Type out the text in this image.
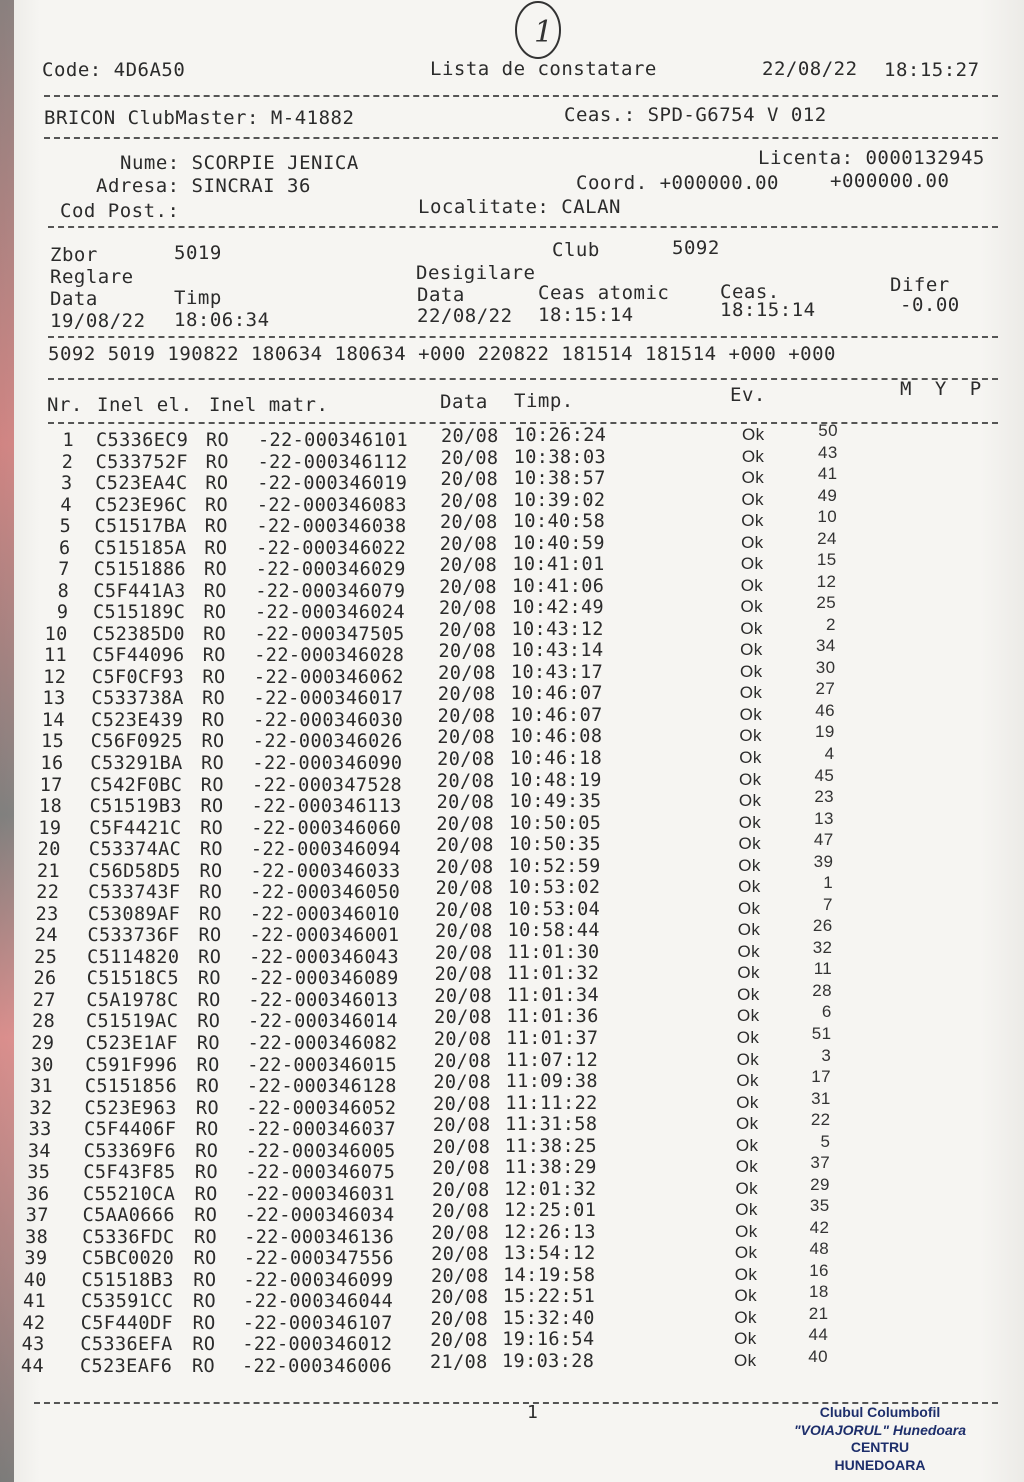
1
Code: 4D6A50	Lista de constatare	22/08/22 18:15:27
BRICON ClubMaster: M-41882	Ceas.: SPD-G6754 V 012
Nume: SCORPIE JENICA	Licenta: 0000132945
Adresa: SINCRAI 36	Coord. +000000.00	+000000.00
Cod Post.:	Localitate: CALAN
Zbor	5019	Club	5092
Reglare	Desigilare
Data	Timp	Data	Ceas atomic	Ceas.	Difer
19/08/22 18:06:34	22/08/22 18:15:14	18:15:14	-0.00
5092 5019 190822 180634 180634 +000 220822 181514 181514 +000 +000
Nr. Inel el. Inel matr.	Data Timp.	Ev.	M Y P
1 C5336EC9 RO -22-000346101 20/08 10:26:24	Ok	50
2 C533752F RO -22-000346112 20/08 10:38:03	Ok	43
3 C523EA4C RO -22-000346019 20/08 10:38:57	Ok	41
4 C523E96C RO -22-000346083 20/08 10:39:02	Ok	49
5 C51517BA RO -22-000346038 20/08 10:40:58	Ok	10
6 C515185A RO -22-000346022 20/08 10:40:59	Ok	24
7 C5151886 RO -22-000346029 20/08 10:41:01	Ok	15
8 C5F441A3 RO -22-000346079 20/08 10:41:06	Ok	12
9 C515189C RO -22-000346024 20/08 10:42:49	Ok	25
10 C52385D0 RO -22-000347505 20/08 10:43:12	Ok	2
11 C5F44096 RO -22-000346028 20/08 10:43:14	Ok	34
12 C5F0CF93 RO -22-000346062 20/08 10:43:17	Ok	30
13 C533738A RO -22-000346017 20/08 10:46:07	Ok	27
14 C523E439 RO -22-000346030 20/08 10:46:07	Ok	46
15 C56F0925 RO -22-000346026 20/08 10:46:08	Ok	19
16 C53291BA RO -22-000346090 20/08 10:46:18	Ok	4
17 C542F0BC RO -22-000347528 20/08 10:48:19	Ok	45
18 C51519B3 RO -22-000346113 20/08 10:49:35	Ok	23
19 C5F4421C RO -22-000346060 20/08 10:50:05	Ok	13
20 C53374AC RO -22-000346094 20/08 10:50:35	Ok	47
21 C56D58D5 RO -22-000346033 20/08 10:52:59	Ok	39
22 C533743F RO -22-000346050 20/08 10:53:02	Ok	1
23 C53089AF RO -22-000346010 20/08 10:53:04	Ok	7
24 C533736F RO -22-000346001 20/08 10:58:44	Ok	26
25 C5114820 RO -22-000346043 20/08 11:01:30	Ok	32
26 C51518C5 RO -22-000346089 20/08 11:01:32	Ok	11
27 C5A1978C RO -22-000346013 20/08 11:01:34	Ok	28
28 C51519AC RO -22-000346014 20/08 11:01:36	Ok	6
29 C523E1AF RO -22-000346082 20/08 11:01:37	Ok	51
30 C591F996 RO -22-000346015 20/08 11:07:12	Ok	3
31 C5151856 RO -22-000346128 20/08 11:09:38	Ok	17
32 C523E963 RO -22-000346052 20/08 11:11:22	Ok	31
33 C5F4406F RO -22-000346037 20/08 11:31:58	Ok	22
34 C53369F6 RO -22-000346005 20/08 11:38:25	Ok	5
35 C5F43F85 RO -22-000346075 20/08 11:38:29	Ok	37
36 C55210CA RO -22-000346031 20/08 12:01:32	Ok	29
37 C5AA0666 RO -22-000346034 20/08 12:25:01	Ok	35
38 C5336FDC RO -22-000346136 20/08 12:26:13	Ok	42
39 C5BC0020 RO -22-000347556 20/08 13:54:12	Ok	48
40 C51518B3 RO -22-000346099 20/08 14:19:58	Ok	16
41 C53591CC RO -22-000346044 20/08 15:22:51	Ok	18
42 C5F440DF RO -22-000346107 20/08 15:32:40	Ok	21
43 C5336EFA RO -22-000346012 20/08 19:16:54	Ok	44
44 C523EAF6 RO -22-000346006 21/08 19:03:28	Ok	40
1	Clubul Columbofil
"VOIAJORUL" Hunedoara
CENTRU
HUNEDOARA
